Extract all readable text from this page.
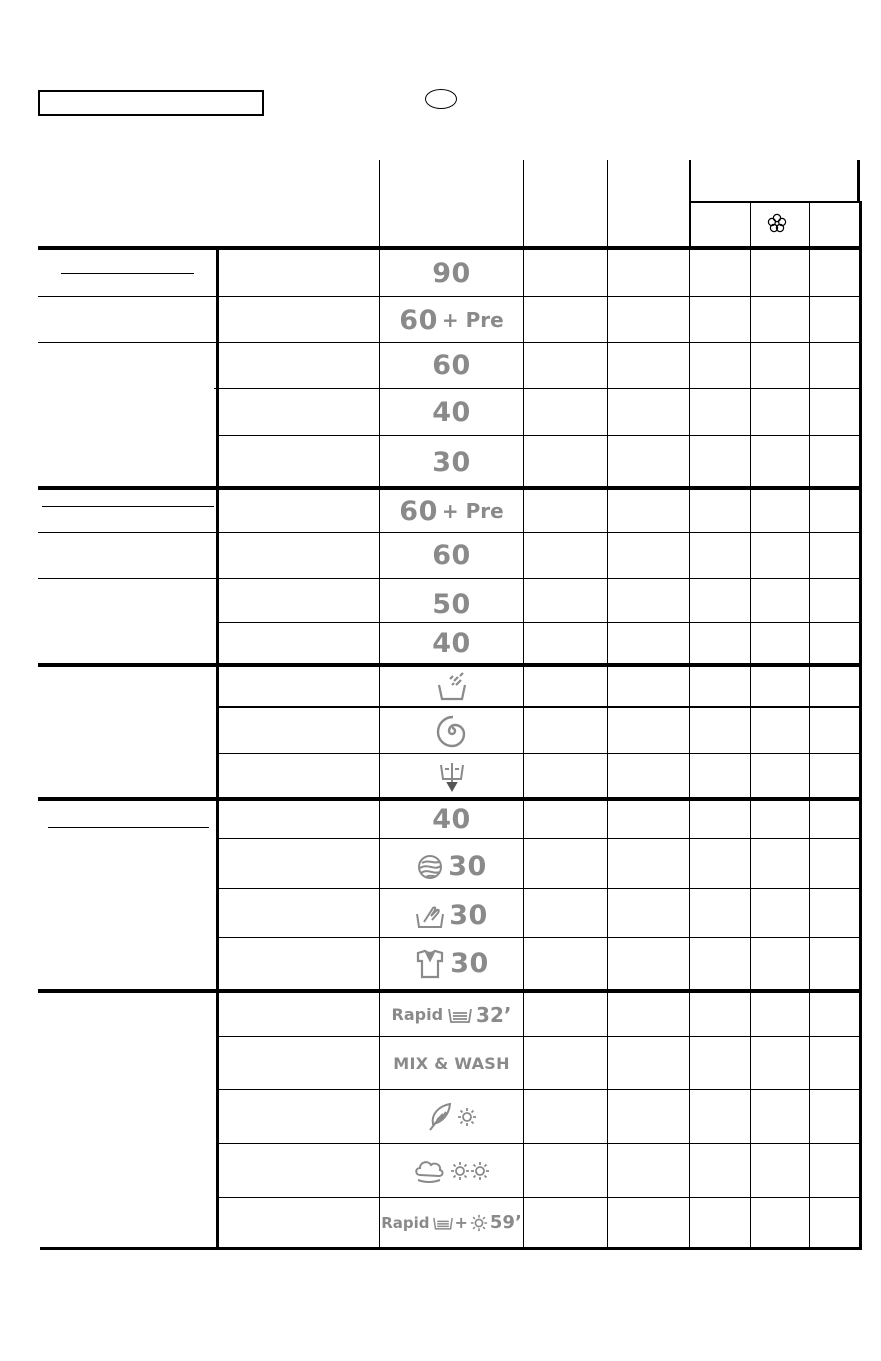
90
60 + Pre
60
40
30
60 + Pre
60
50
40
40
30
30
30
Rapid 32’
MIX & WASH
Rapid + 59’
